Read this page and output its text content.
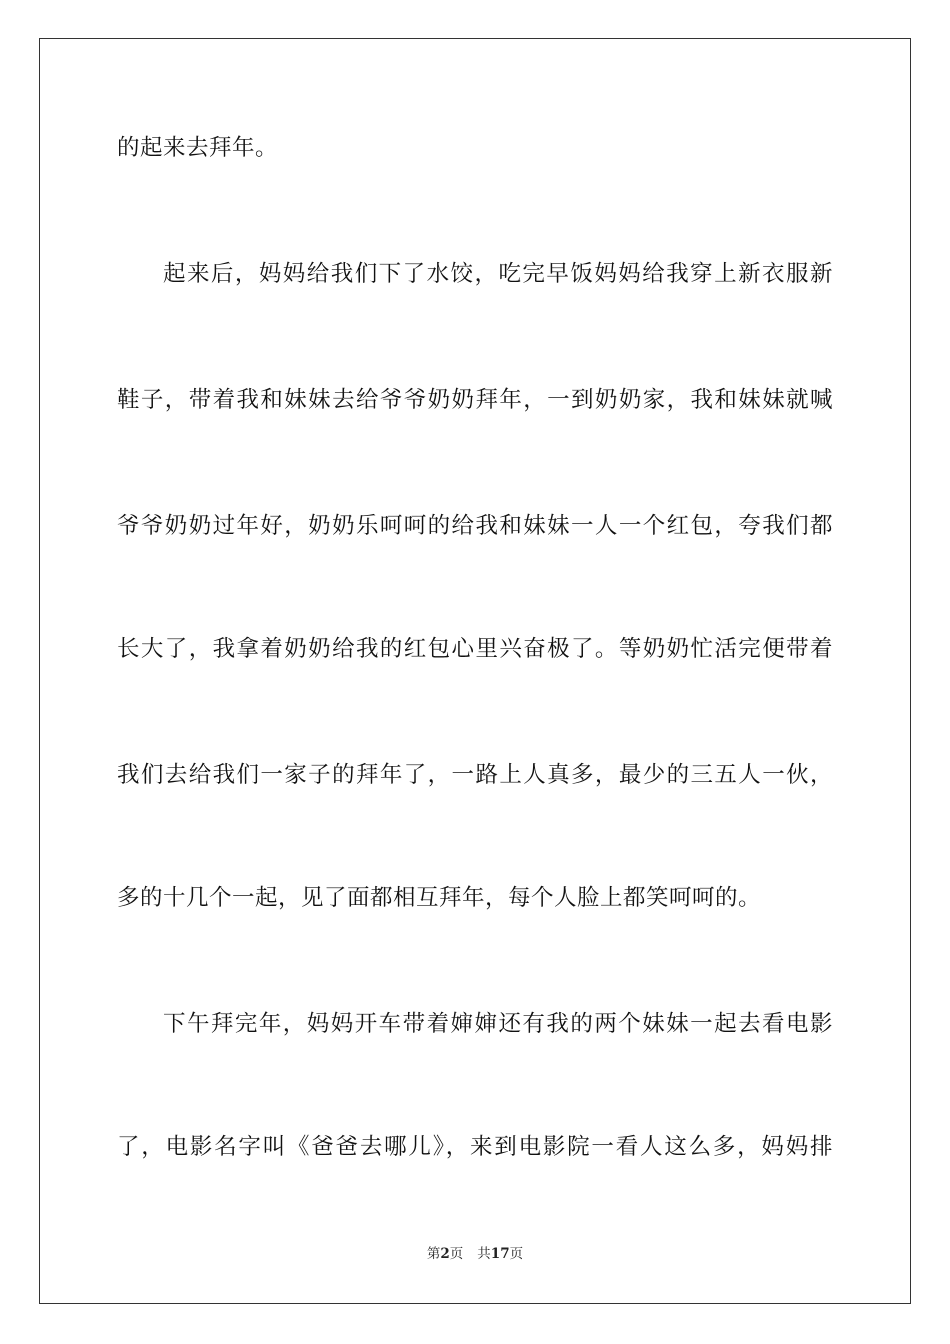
的起来去拜年。
起来后，妈妈给我们下了水饺，吃完早饭妈妈给我穿上新衣服新
鞋子，带着我和妹妹去给爷爷奶奶拜年，一到奶奶家，我和妹妹就喊
爷爷奶奶过年好，奶奶乐呵呵的给我和妹妹一人一个红包，夸我们都
长大了，我拿着奶奶给我的红包心里兴奋极了。等奶奶忙活完便带着
我们去给我们一家子的拜年了，一路上人真多，最少的三五人一伙，
多的十几个一起，见了面都相互拜年，每个人脸上都笑呵呵的。
下午拜完年，妈妈开车带着婶婶还有我的两个妹妹一起去看电影
了，电影名字叫《爸爸去哪儿》，来到电影院一看人这么多，妈妈排
第2页 共17页
